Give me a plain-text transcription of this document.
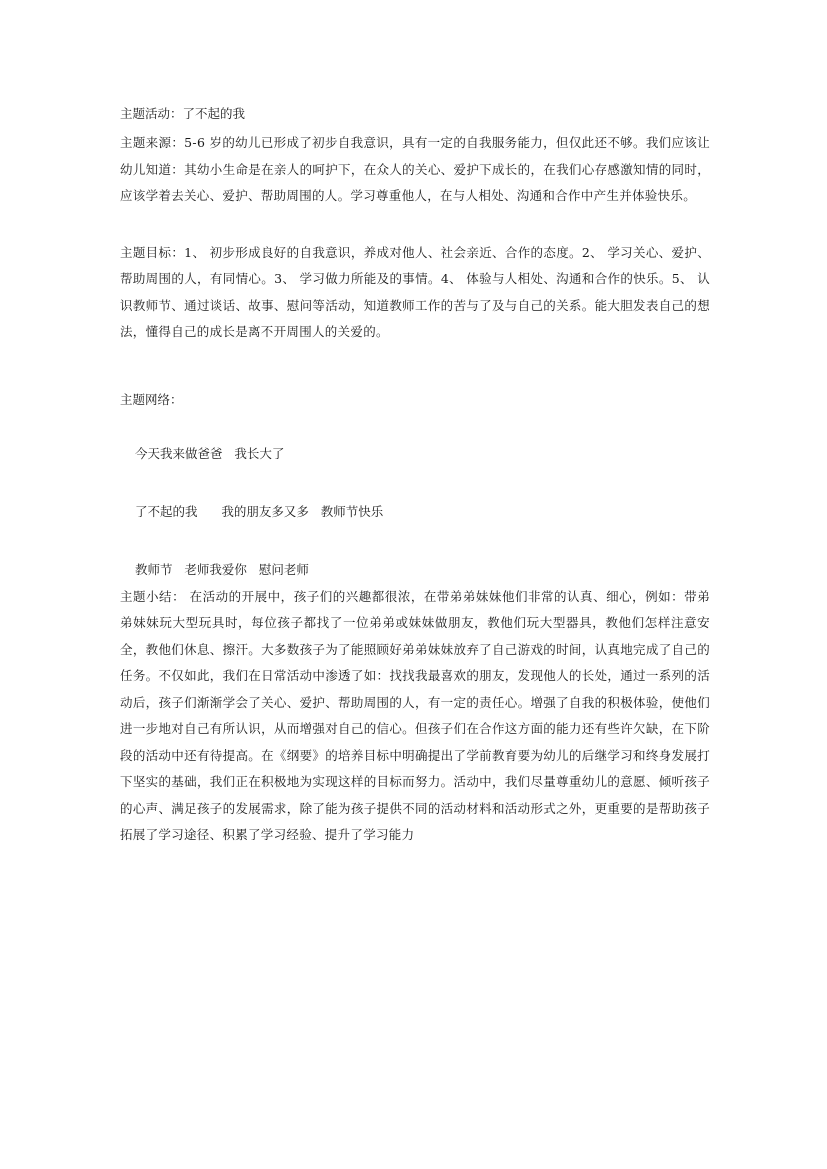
主题活动：了不起的我

主题来源：5-6 岁的幼儿已形成了初步自我意识，具有一定的自我服务能力，但仅此还不够。我们应该让幼儿知道：其幼小生命是在亲人的呵护下，在众人的关心、爱护下成长的，在我们心存感激知情的同时，应该学着去关心、爱护、帮助周围的人。学习尊重他人，在与人相处、沟通和合作中产生并体验快乐。

主题目标：1、 初步形成良好的自我意识，养成对他人、社会亲近、合作的态度。2、 学习关心、爱护、帮助周围的人，有同情心。3、 学习做力所能及的事情。4、 体验与人相处、沟通和合作的快乐。5、 认识教师节、通过谈话、故事、慰问等活动，知道教师工作的苦与了及与自己的关系。能大胆发表自己的想法，懂得自己的成长是离不开周围人的关爱的。

主题网络：

今天我来做爸爸   我长大了
了不起的我      我的朋友多又多   教师节快乐
教师节   老师我爱你   慰问老师

主题小结： 在活动的开展中，孩子们的兴趣都很浓，在带弟弟妹妹他们非常的认真、细心，例如：带弟弟妹妹玩大型玩具时，每位孩子都找了一位弟弟或妹妹做朋友，教他们玩大型器具，教他们怎样注意安全，教他们休息、擦汗。大多数孩子为了能照顾好弟弟妹妹放弃了自己游戏的时间，认真地完成了自己的任务。不仅如此，我们在日常活动中渗透了如：找找我最喜欢的朋友，发现他人的长处，通过一系列的活动后，孩子们渐渐学会了关心、爱护、帮助周围的人，有一定的责任心。增强了自我的积极体验，使他们进一步地对自己有所认识，从而增强对自己的信心。但孩子们在合作这方面的能力还有些许欠缺，在下阶段的活动中还有待提高。在《纲要》的培养目标中明确提出了学前教育要为幼儿的后继学习和终身发展打下坚实的基础，我们正在积极地为实现这样的目标而努力。活动中，我们尽量尊重幼儿的意愿、倾听孩子的心声、满足孩子的发展需求，除了能为孩子提供不同的活动材料和活动形式之外，更重要的是帮助孩子拓展了学习途径、积累了学习经验、提升了学习能力
